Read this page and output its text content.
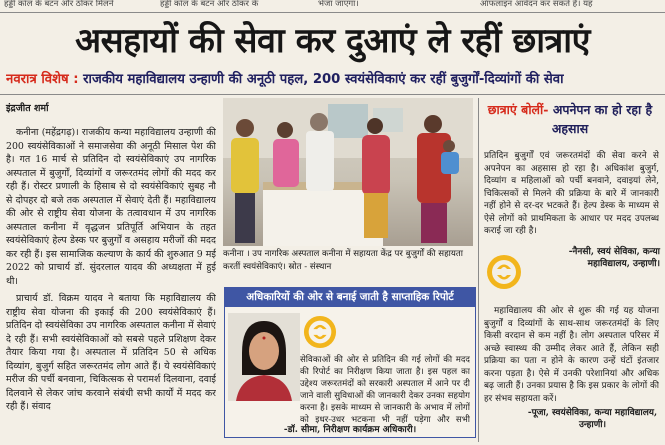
हड्डी कॉल के बटन और ठोकर मिलने	हड्डी कॉल के बटन और ठोकर के	भेजा जाएगा।	ऑफलाइन आवेदन कर सकते हैं। यह
असहायों की सेवा कर दुआएं ले रहीं छात्राएं
नवरात्र विशेष : राजकीय महाविद्यालय उन्हाणी की अनूठी पहल, 200 स्वयंसेविकाएं कर रहीं बुजुर्गों-दिव्यांगों की सेवा
इंद्रजीत शर्मा

कनीना (महेंद्रगढ़)। राजकीय कन्या महाविद्यालय उन्हाणी की 200 स्वयंसेविकाओं ने समाजसेवा की अनूठी मिसाल पेश की है। गत 16 मार्च से प्रतिदिन दो स्वयंसेविकाएं उप नागरिक अस्पताल में बुजुर्गों, दिव्यांगों व जरूरतमंद लोगों की मदद कर रही हैं। रोस्टर प्रणाली के हिसाब से दो स्वयंसेविकाएं सुबह नौ से दोपहर दो बजे तक अस्पताल में सेवाएं देती हैं। महाविद्यालय की ओर से राष्ट्रीय सेवा योजना के तत्वावधान में उप नागरिक अस्पताल कनीना में वृद्धजन प्रतिपूर्ति अभियान के तहत स्वयंसेविकाएं हेल्प डेस्क पर बुजुर्गों व असहाय मरीजों की मदद कर रही हैं। इस सामाजिक कल्याण के कार्य की शुरुआत 9 मई 2022 को प्राचार्य डॉ. सुंदरलाल यादव की अध्यक्षता में हुई थी।

प्राचार्य डॉ. विक्रम यादव ने बताया कि महाविद्यालय की राष्ट्रीय सेवा योजना की इकाई की 200 स्वयंसेविकाएं हैं। प्रतिदिन दो स्वयंसेविका उप नागरिक अस्पताल कनीना में सेवाएं दे रही हैं। सभी स्वयंसेविकाओं को सबसे पहले प्रशिक्षण देकर तैयार किया गया है। अस्पताल में प्रतिदिन 50 से अधिक दिव्यांग, बुजुर्ग सहित जरूरतमंद लोग आते हैं। ये स्वयंसेविकाएं मरीज की पर्ची बनवाना, चिकित्सक से परामर्श दिलवाना, दवाई दिलवाने से लेकर जांच करवाने संबंधी सभी कार्यों में मदद कर रही हैं। संवाद

कनीना । उप नागरिक अस्पताल कनीना में सहायता केंद्र पर बुजुर्गों की सहायता करतीं स्वयंसेविकाएं। स्रोत - संस्थान
छात्राएं बोलीं- अपनेपन का हो रहा है अहसास

प्रतिदिन बुजुर्गों एवं जरूरतमंदों की सेवा करने से अपनेपन का अहसास हो रहा है। अधिकांश बुजुर्ग, दिव्यांग व महिलाओं को पर्ची बनवाने, दवाइयां लेने, चिकित्सकों से मिलने की प्रक्रिया के बारे में जानकारी नहीं होने से दर-दर भटकते हैं। हेल्प डेस्क के माध्यम से ऐसे लोगों को प्राथमिकता के आधार पर मदद उपलब्ध कराई जा रही है।

-नैनसी, स्वयं सेविका, कन्या महाविद्यालय, उन्हाणी।

महाविद्यालय की ओर से शुरू की गई यह योजना बुजुर्गों व दिव्यांगों के साथ-साथ जरूरतमंदों के लिए किसी वरदान से कम नहीं है। लोग अस्पताल परिसर में अच्छे स्वास्थ्य की उम्मीद लेकर आते हैं, लेकिन सही प्रक्रिया का पता न होने के कारण उन्हें घंटों इंतजार करना पड़ता है। ऐसे में उनकी परेशानियां और अधिक बढ़ जाती हैं। उनका प्रयास है कि इस प्रकार के लोगों की हर संभव सहायता करें।

-पूजा, स्वयंसेविका, कन्या महाविद्यालय, उन्हाणी।
अधिकारियों की ओर से बनाई जाती है साप्ताहिक रिपोर्ट

सेविकाओं की ओर से प्रतिदिन की गई लोगों की मदद की रिपोर्ट का निरीक्षण किया जाता है। इस पहल का उद्देश्य जरूरतमंदों को सरकारी अस्पताल में आने पर दी जाने वाली सुविधाओं की जानकारी देकर उनका सहयोग करना है। इसके माध्यम से जानकारी के अभाव में लोगों को इधर-उधर भटकना भी नहीं पड़ेगा और सभी

-डॉ. सीमा, निरीक्षण कार्यक्रम अधिकारी।
